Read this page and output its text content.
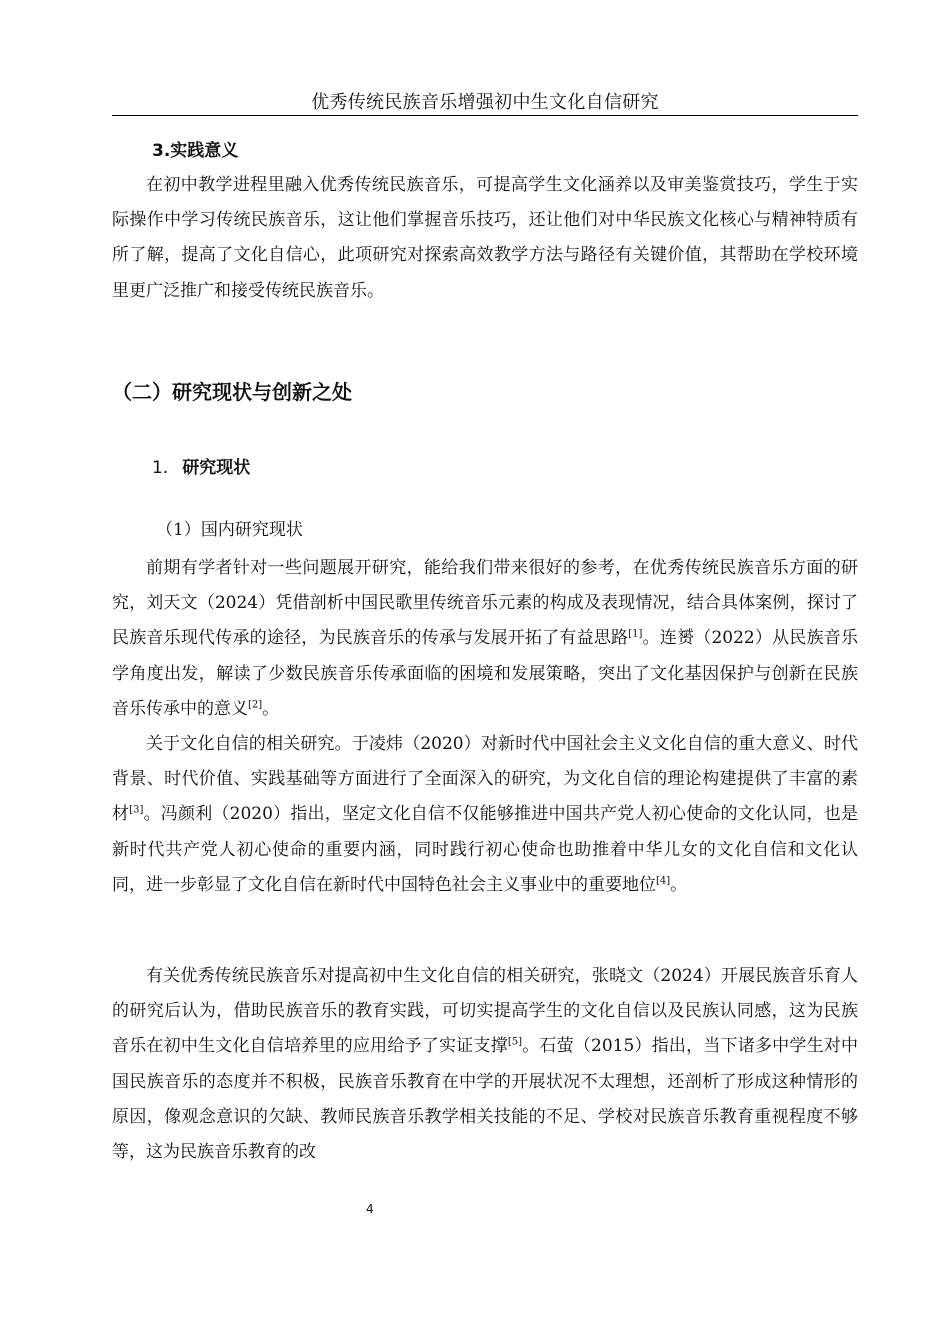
优秀传统民族音乐增强初中生文化自信研究
3.实践意义

在初中教学进程里融入优秀传统民族音乐，可提高学生文化涵养以及审美鉴赏技巧，学生于实际操作中学习传统民族音乐，这让他们掌握音乐技巧，还让他们对中华民族文化核心与精神特质有所了解，提高了文化自信心，此项研究对探索高效教学方法与路径有关键价值，其帮助在学校环境里更广泛推广和接受传统民族音乐。

（二）研究现状与创新之处
1. 研究现状
（1）国内研究现状

前期有学者针对一些问题展开研究，能给我们带来很好的参考，在优秀传统民族音乐方面的研究，刘天文（2024）凭借剖析中国民歌里传统音乐元素的构成及表现情况，结合具体案例，探讨了民族音乐现代传承的途径，为民族音乐的传承与发展开拓了有益思路[1]。连赟（2022）从民族音乐学角度出发，解读了少数民族音乐传承面临的困境和发展策略，突出了文化基因保护与创新在民族音乐传承中的意义[2]。

关于文化自信的相关研究。于凌炜（2020）对新时代中国社会主义文化自信的重大意义、时代背景、时代价值、实践基础等方面进行了全面深入的研究，为文化自信的理论构建提供了丰富的素材[3]。冯颜利（2020）指出，坚定文化自信不仅能够推进中国共产党人初心使命的文化认同，也是新时代共产党人初心使命的重要内涵，同时践行初心使命也助推着中华儿女的文化自信和文化认同，进一步彰显了文化自信在新时代中国特色社会主义事业中的重要地位[4]。

有关优秀传统民族音乐对提高初中生文化自信的相关研究，张晓文（2024）开展民族音乐育人的研究后认为，借助民族音乐的教育实践，可切实提高学生的文化自信以及民族认同感，这为民族音乐在初中生文化自信培养里的应用给予了实证支撑[5]。石萤（2015）指出，当下诸多中学生对中国民族音乐的态度并不积极，民族音乐教育在中学的开展状况不太理想，还剖析了形成这种情形的原因，像观念意识的欠缺、教师民族音乐教学相关技能的不足、学校对民族音乐教育重视程度不够等，这为民族音乐教育的改

4
